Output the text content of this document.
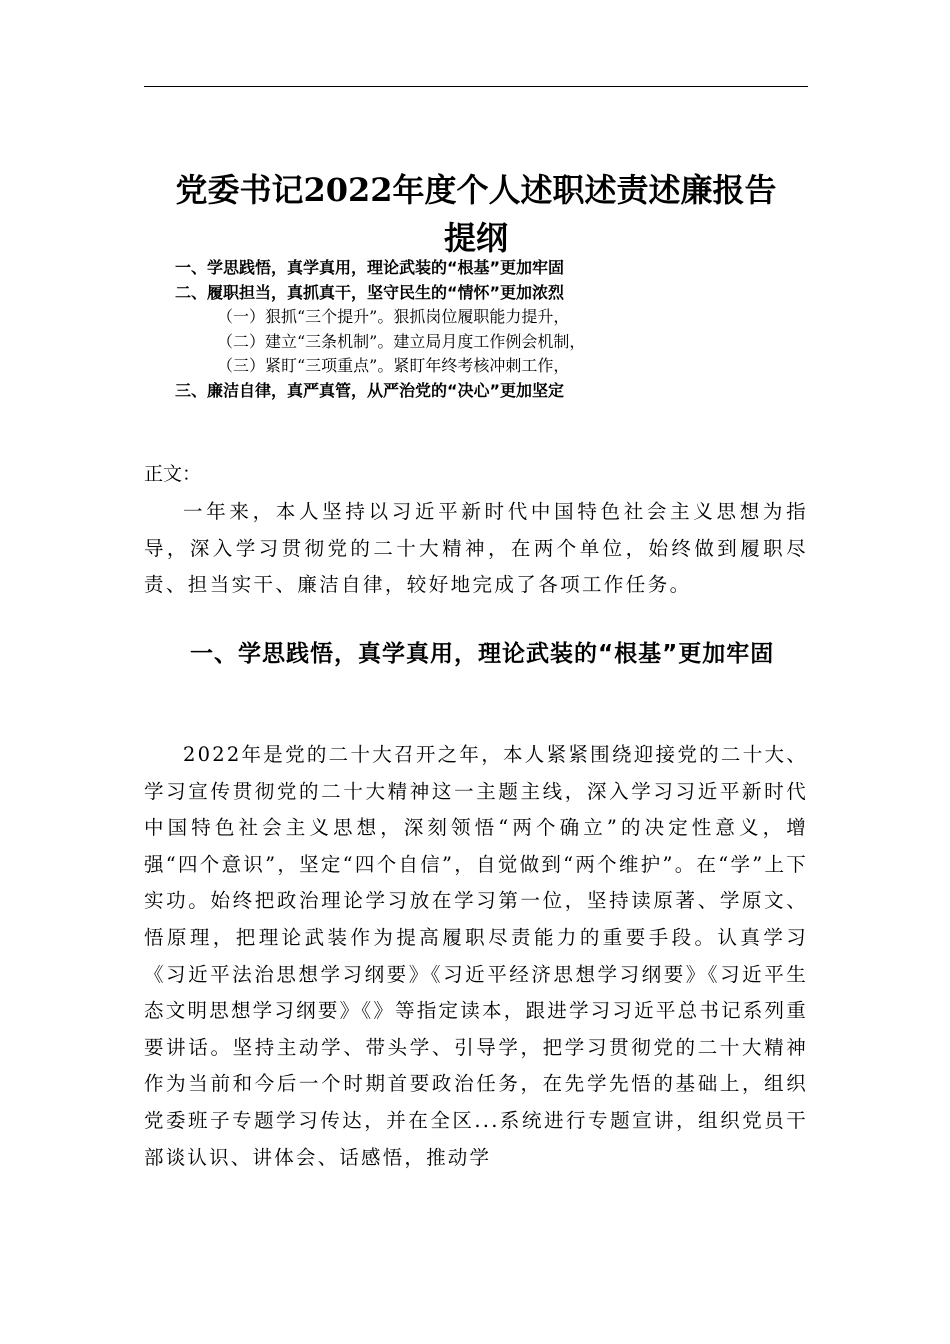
党委书记2022年度个人述职述责述廉报告
提纲
一、学思践悟，真学真用，理论武装的“根基”更加牢固
二、履职担当，真抓真干，坚守民生的“情怀”更加浓烈
（一）狠抓“三个提升”。狠抓岗位履职能力提升，
（二）建立“三条机制”。建立局月度工作例会机制，
（三）紧盯“三项重点”。紧盯年终考核冲刺工作，
三、廉洁自律，真严真管，从严治党的“决心”更加坚定
正文：
一年来，本人坚持以习近平新时代中国特色社会主义思想为指导，深入学习贯彻党的二十大精神，在两个单位，始终做到履职尽责、担当实干、廉洁自律，较好地完成了各项工作任务。
一、学思践悟，真学真用，理论武装的“根基”更加牢固
2022年是党的二十大召开之年，本人紧紧围绕迎接党的二十大、学习宣传贯彻党的二十大精神这一主题主线，深入学习习近平新时代中国特色社会主义思想，深刻领悟“两个确立”的决定性意义，增强“四个意识”，坚定“四个自信”，自觉做到“两个维护”。在“学”上下实功。始终把政治理论学习放在学习第一位，坚持读原著、学原文、悟原理，把理论武装作为提高履职尽责能力的重要手段。认真学习《习近平法治思想学习纲要》《习近平经济思想学习纲要》《习近平生态文明思想学习纲要》《》等指定读本，跟进学习习近平总书记系列重要讲话。坚持主动学、带头学、引导学，把学习贯彻党的二十大精神作为当前和今后一个时期首要政治任务，在先学先悟的基础上，组织党委班子专题学习传达，并在全区...系统进行专题宣讲，组织党员干部谈认识、讲体会、话感悟，推动学
